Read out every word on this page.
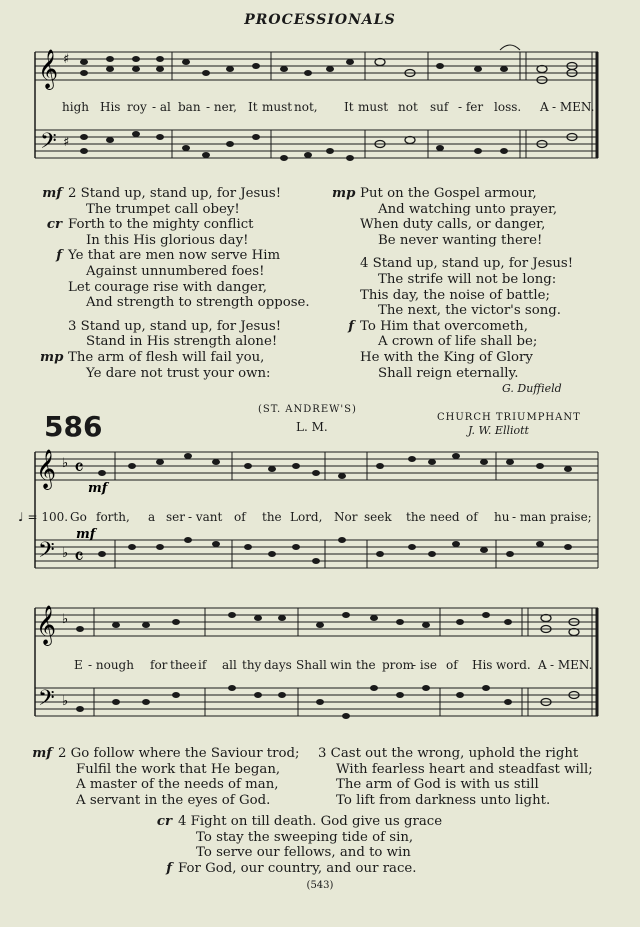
PROCESSIONALS
𝄞
𝄢
♯
♯
high His roy - al ban - ner, It must not, It must not suf - fer loss. A - MEN.
mf 2 Stand up, stand up, for Jesus!
The trumpet call obey!
cr Forth to the mighty conflict
In this His glorious day!
f Ye that are men now serve Him
Against unnumbered foes!
Let courage rise with danger,
And strength to strength oppose.
3 Stand up, stand up, for Jesus!
Stand in His strength alone!
mp The arm of flesh will fail you,
Ye dare not trust your own:
mp Put on the Gospel armour,
And watching unto prayer,
When duty calls, or danger,
Be never wanting there!
4 Stand up, stand up, for Jesus!
The strife will not be long:
This day, the noise of battle;
The next, the victor's song.
f To Him that overcometh,
A crown of life shall be;
He with the King of Glory
Shall reign eternally.
G. Duffield
586
(ST. ANDREW'S)
L. M.
CHURCH TRIUMPHANT
J. W. Elliott
𝄞
𝄢
♭
♭
𝄴
𝄴
mf
mf
♩ = 100. Go forth, a ser - vant of the Lord, Nor seek the need of hu - man praise;
𝄞
𝄢
♭
♭
E - nough for thee if all thy days Shall win the prom
- ise of His word. A - MEN.
mf 2 Go follow where the Saviour trod;
Fulfil the work that He began,
A master of the needs of man,
A servant in the eyes of God.
3 Cast out the wrong, uphold the right
With fearless heart and steadfast will;
The arm of God is with us still
To lift from darkness unto light.
cr 4 Fight on till death. God give us grace
To stay the sweeping tide of sin,
To serve our fellows, and to win
f For God, our country, and our race.
(543)
